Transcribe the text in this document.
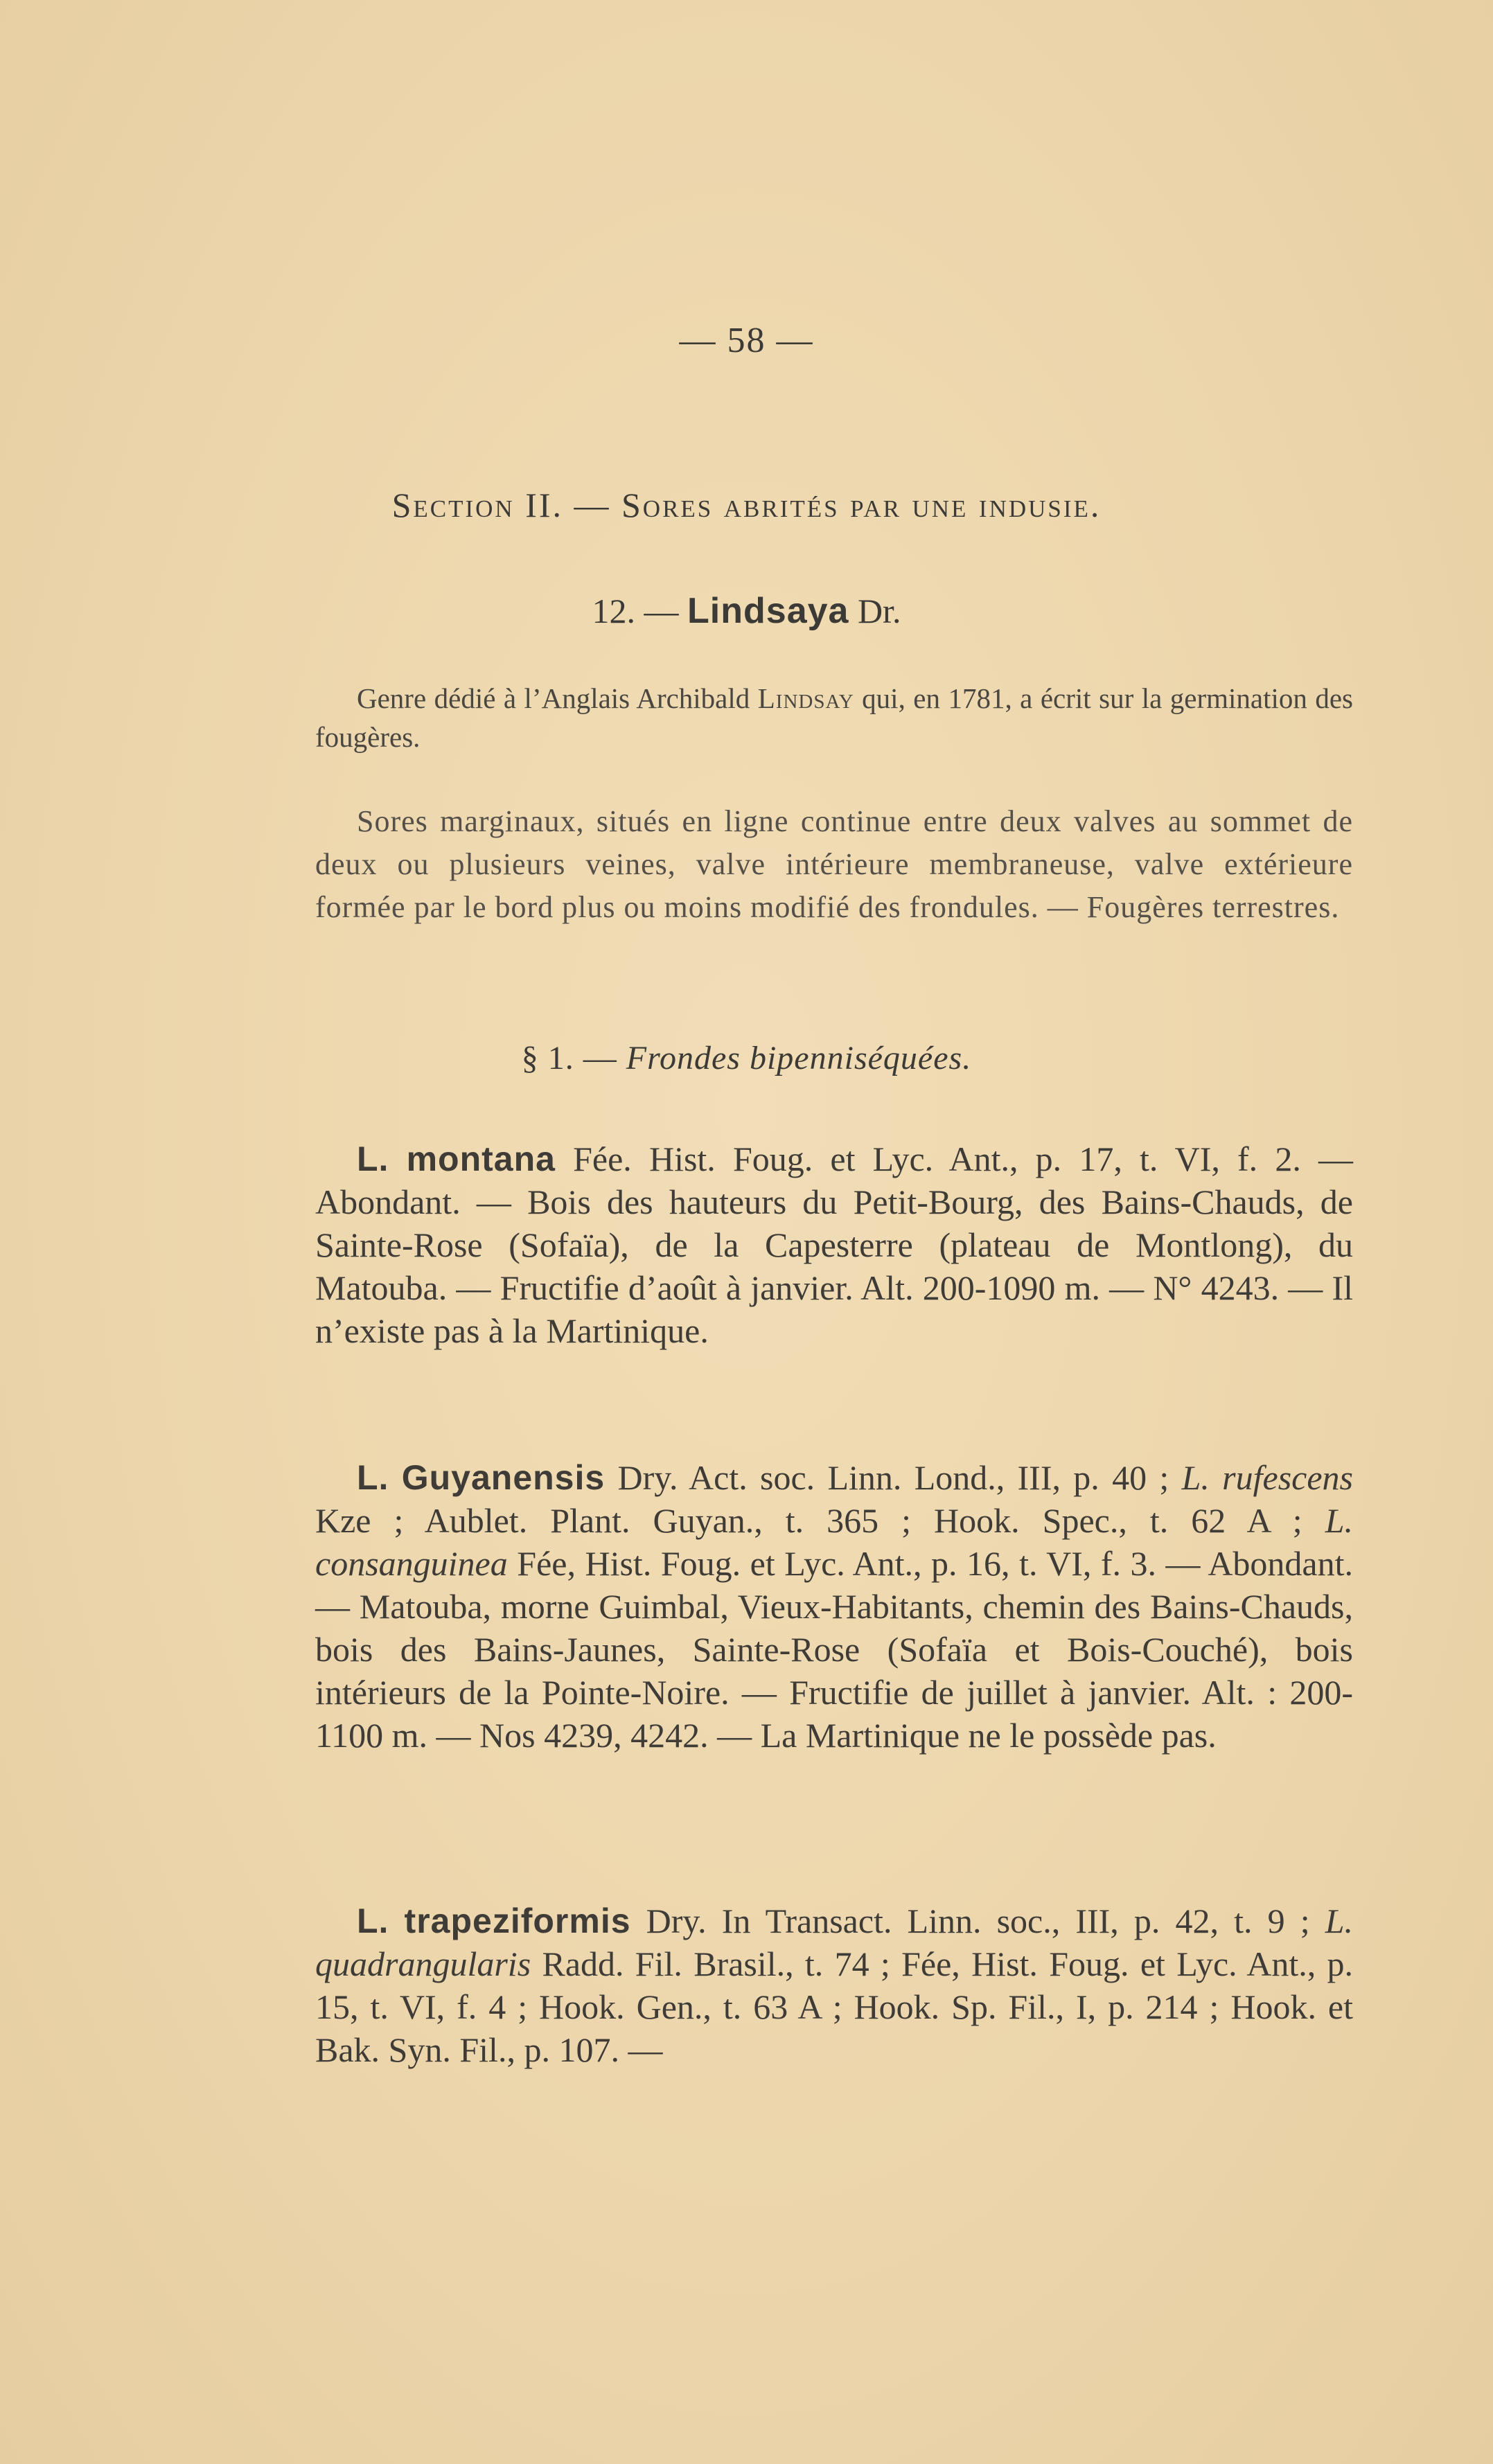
— 58 —
Section II. — Sores abrités par une indusie.
12. — Lindsaya Dr.
Genre dédié à l’Anglais Archibald Lindsay qui, en 1781, a écrit sur la germination des fougères.
Sores marginaux, situés en ligne continue entre deux valves au sommet de deux ou plusieurs veines, valve intérieure membraneuse, valve extérieure formée par le bord plus ou moins modifié des frondules. — Fougères terrestres.
§ 1. — Frondes bipenniséquées.
L. montana Fée. Hist. Foug. et Lyc. Ant., p. 17, t. VI, f. 2. — Abondant. — Bois des hauteurs du Petit-Bourg, des Bains-Chauds, de Sainte-Rose (Sofaïa), de la Capesterre (plateau de Montlong), du Matouba. — Fructifie d’août à janvier. Alt. 200-1090 m. — N° 4243. — Il n’existe pas à la Martinique.
L. Guyanensis Dry. Act. soc. Linn. Lond., III, p. 40 ; L. rufescens Kze ; Aublet. Plant. Guyan., t. 365 ; Hook. Spec., t. 62 A ; L. consanguinea Fée, Hist. Foug. et Lyc. Ant., p. 16, t. VI, f. 3. — Abondant. — Matouba, morne Guimbal, Vieux-Habitants, chemin des Bains-Chauds, bois des Bains-Jaunes, Sainte-Rose (Sofaïa et Bois-Couché), bois intérieurs de la Pointe-Noire. — Fructifie de juillet à janvier. Alt. : 200-1100 m. — Nos 4239, 4242. — La Martinique ne le possède pas.
L. trapeziformis Dry. In Transact. Linn. soc., III, p. 42, t. 9 ; L. quadrangularis Radd. Fil. Brasil., t. 74 ; Fée, Hist. Foug. et Lyc. Ant., p. 15, t. VI, f. 4 ; Hook. Gen., t. 63 A ; Hook. Sp. Fil., I, p. 214 ; Hook. et Bak. Syn. Fil., p. 107. —
